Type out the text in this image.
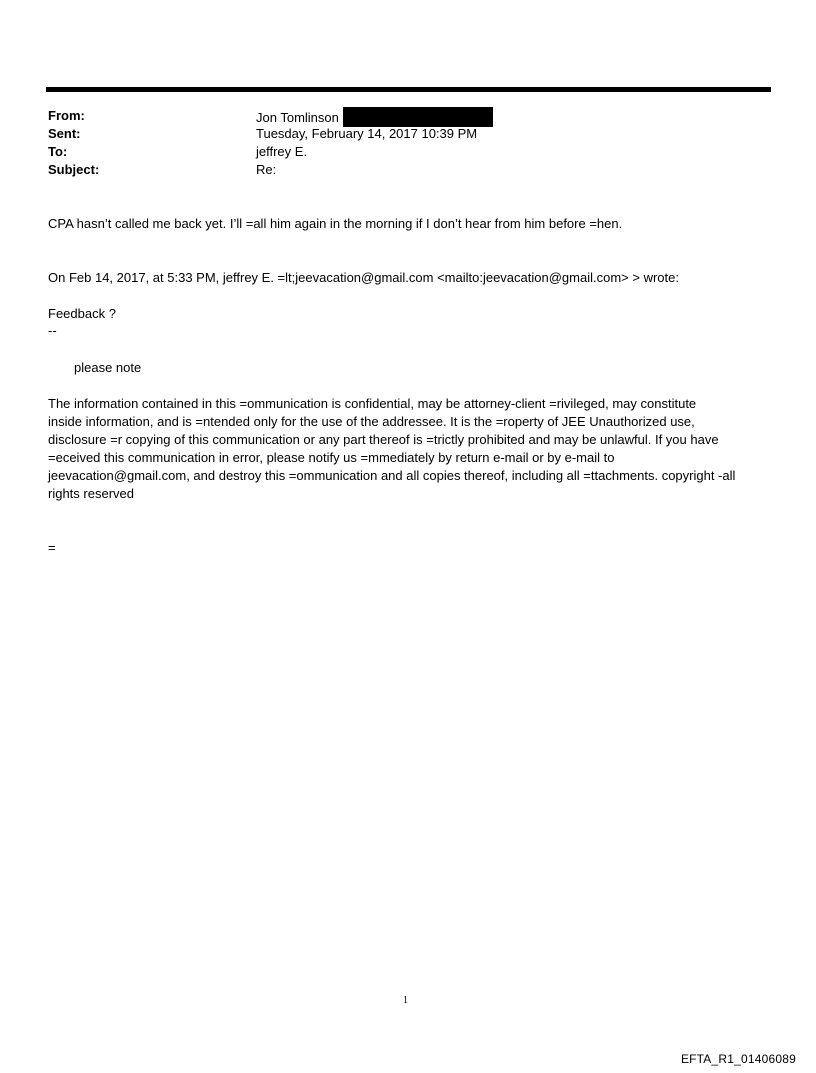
From:	Jon Tomlinson
Sent:	Tuesday, February 14, 2017 10:39 PM
To:	jeffrey E.
Subject:	Re:

CPA hasn’t called me back yet. I’ll =all him again in the morning if I don’t hear from him before =hen.

On Feb 14, 2017, at 5:33 PM, jeffrey E. =lt;jeevacation@gmail.com <mailto:jeevacation@gmail.com> > wrote:

Feedback ?

--

please note

The information contained in this =ommunication is confidential, may be attorney-client =rivileged, may constitute
inside information, and is =ntended only for the use of the addressee. It is the =roperty of JEE Unauthorized use,
disclosure =r copying of this communication or any part thereof is =trictly prohibited and may be unlawful. If you have
=eceived this communication in error, please notify us =mmediately by return e-mail or by e-mail to
jeevacation@gmail.com, and destroy this =ommunication and all copies thereof, including all =ttachments. copyright -all
rights reserved

=

1
EFTA_R1_01406089
